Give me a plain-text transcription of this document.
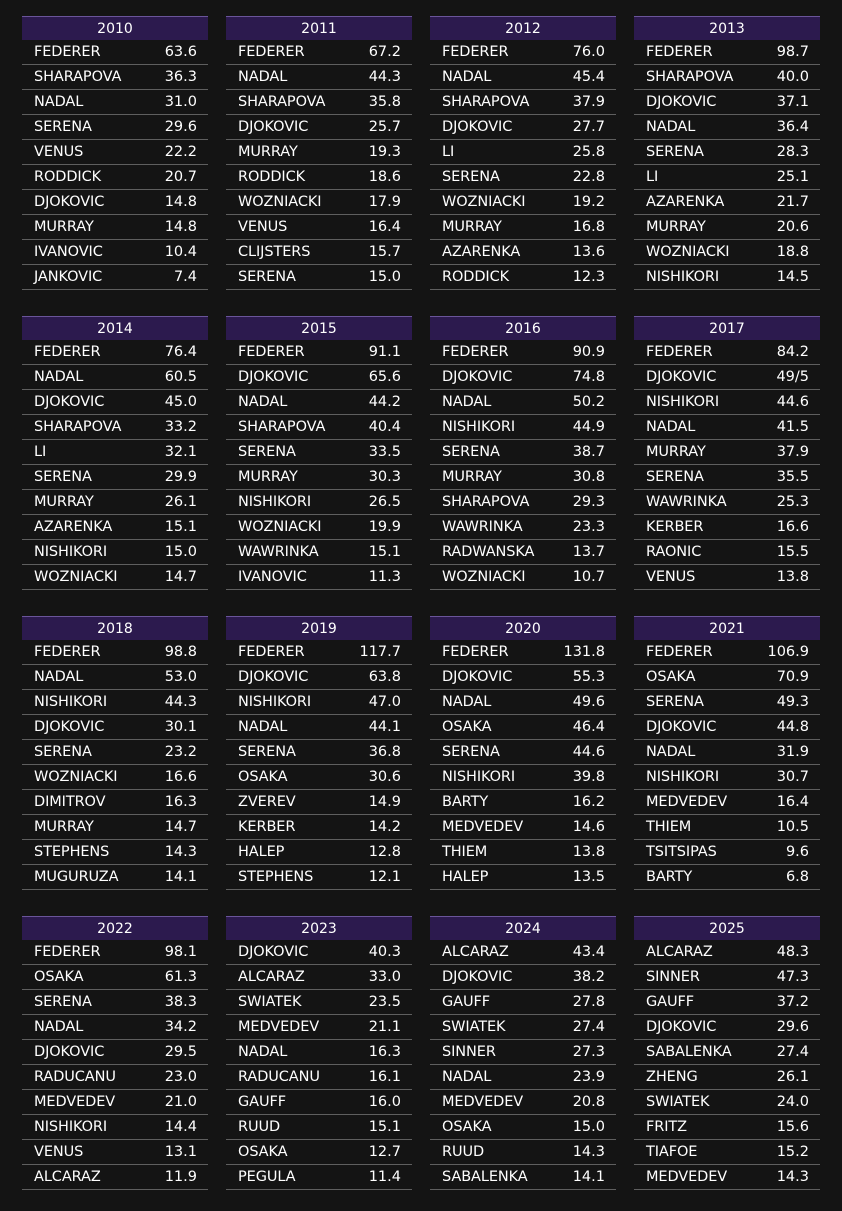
2010
FEDERER	63.6
SHARAPOVA	36.3
NADAL	31.0
SERENA	29.6
VENUS	22.2
RODDICK	20.7
DJOKOVIC	14.8
MURRAY	14.8
IVANOVIC	10.4
JANKOVIC	7.4
2011
FEDERER	67.2
NADAL	44.3
SHARAPOVA	35.8
DJOKOVIC	25.7
MURRAY	19.3
RODDICK	18.6
WOZNIACKI	17.9
VENUS	16.4
CLIJSTERS	15.7
SERENA	15.0
2012
FEDERER	76.0
NADAL	45.4
SHARAPOVA	37.9
DJOKOVIC	27.7
LI	25.8
SERENA	22.8
WOZNIACKI	19.2
MURRAY	16.8
AZARENKA	13.6
RODDICK	12.3
2013
FEDERER	98.7
SHARAPOVA	40.0
DJOKOVIC	37.1
NADAL	36.4
SERENA	28.3
LI	25.1
AZARENKA	21.7
MURRAY	20.6
WOZNIACKI	18.8
NISHIKORI	14.5
2014
FEDERER	76.4
NADAL	60.5
DJOKOVIC	45.0
SHARAPOVA	33.2
LI	32.1
SERENA	29.9
MURRAY	26.1
AZARENKA	15.1
NISHIKORI	15.0
WOZNIACKI	14.7
2015
FEDERER	91.1
DJOKOVIC	65.6
NADAL	44.2
SHARAPOVA	40.4
SERENA	33.5
MURRAY	30.3
NISHIKORI	26.5
WOZNIACKI	19.9
WAWRINKA	15.1
IVANOVIC	11.3
2016
FEDERER	90.9
DJOKOVIC	74.8
NADAL	50.2
NISHIKORI	44.9
SERENA	38.7
MURRAY	30.8
SHARAPOVA	29.3
WAWRINKA	23.3
RADWANSKA	13.7
WOZNIACKI	10.7
2017
FEDERER	84.2
DJOKOVIC	49/5
NISHIKORI	44.6
NADAL	41.5
MURRAY	37.9
SERENA	35.5
WAWRINKA	25.3
KERBER	16.6
RAONIC	15.5
VENUS	13.8
2018
FEDERER	98.8
NADAL	53.0
NISHIKORI	44.3
DJOKOVIC	30.1
SERENA	23.2
WOZNIACKI	16.6
DIMITROV	16.3
MURRAY	14.7
STEPHENS	14.3
MUGURUZA	14.1
2019
FEDERER	117.7
DJOKOVIC	63.8
NISHIKORI	47.0
NADAL	44.1
SERENA	36.8
OSAKA	30.6
ZVEREV	14.9
KERBER	14.2
HALEP	12.8
STEPHENS	12.1
2020
FEDERER	131.8
DJOKOVIC	55.3
NADAL	49.6
OSAKA	46.4
SERENA	44.6
NISHIKORI	39.8
BARTY	16.2
MEDVEDEV	14.6
THIEM	13.8
HALEP	13.5
2021
FEDERER	106.9
OSAKA	70.9
SERENA	49.3
DJOKOVIC	44.8
NADAL	31.9
NISHIKORI	30.7
MEDVEDEV	16.4
THIEM	10.5
TSITSIPAS	9.6
BARTY	6.8
2022
FEDERER	98.1
OSAKA	61.3
SERENA	38.3
NADAL	34.2
DJOKOVIC	29.5
RADUCANU	23.0
MEDVEDEV	21.0
NISHIKORI	14.4
VENUS	13.1
ALCARAZ	11.9
2023
DJOKOVIC	40.3
ALCARAZ	33.0
SWIATEK	23.5
MEDVEDEV	21.1
NADAL	16.3
RADUCANU	16.1
GAUFF	16.0
RUUD	15.1
OSAKA	12.7
PEGULA	11.4
2024
ALCARAZ	43.4
DJOKOVIC	38.2
GAUFF	27.8
SWIATEK	27.4
SINNER	27.3
NADAL	23.9
MEDVEDEV	20.8
OSAKA	15.0
RUUD	14.3
SABALENKA	14.1
2025
ALCARAZ	48.3
SINNER	47.3
GAUFF	37.2
DJOKOVIC	29.6
SABALENKA	27.4
ZHENG	26.1
SWIATEK	24.0
FRITZ	15.6
TIAFOE	15.2
MEDVEDEV	14.3
